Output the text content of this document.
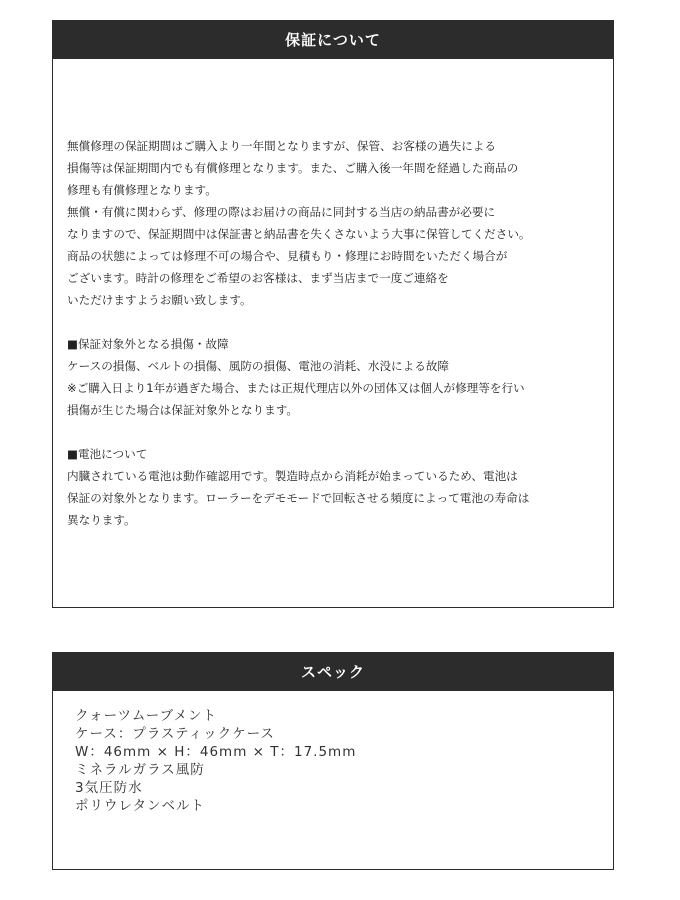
保証について
無償修理の保証期間はご購入より一年間となりますが、保管、お客様の過失による
損傷等は保証期間内でも有償修理となります。また、ご購入後一年間を経過した商品の
修理も有償修理となります。
無償・有償に関わらず、修理の際はお届けの商品に同封する当店の納品書が必要に
なりますので、保証期間中は保証書と納品書を失くさないよう大事に保管してください。
商品の状態によっては修理不可の場合や、見積もり・修理にお時間をいただく場合が
ございます。時計の修理をご希望のお客様は、まず当店まで一度ご連絡を
いただけますようお願い致します。
■保証対象外となる損傷・故障
ケースの損傷、ベルトの損傷、風防の損傷、電池の消耗、水没による故障
※ご購入日より1年が過ぎた場合、または正規代理店以外の団体又は個人が修理等を行い
損傷が生じた場合は保証対象外となります。
■電池について
内臓されている電池は動作確認用です。製造時点から消耗が始まっているため、電池は
保証の対象外となります。ローラーをデモモードで回転させる頻度によって電池の寿命は
異なります。
スペック
クォーツムーブメント
ケース：プラスティックケース
W：46mm × H：46mm × T：17.5mm
ミネラルガラス風防
3気圧防水
ポリウレタンベルト
